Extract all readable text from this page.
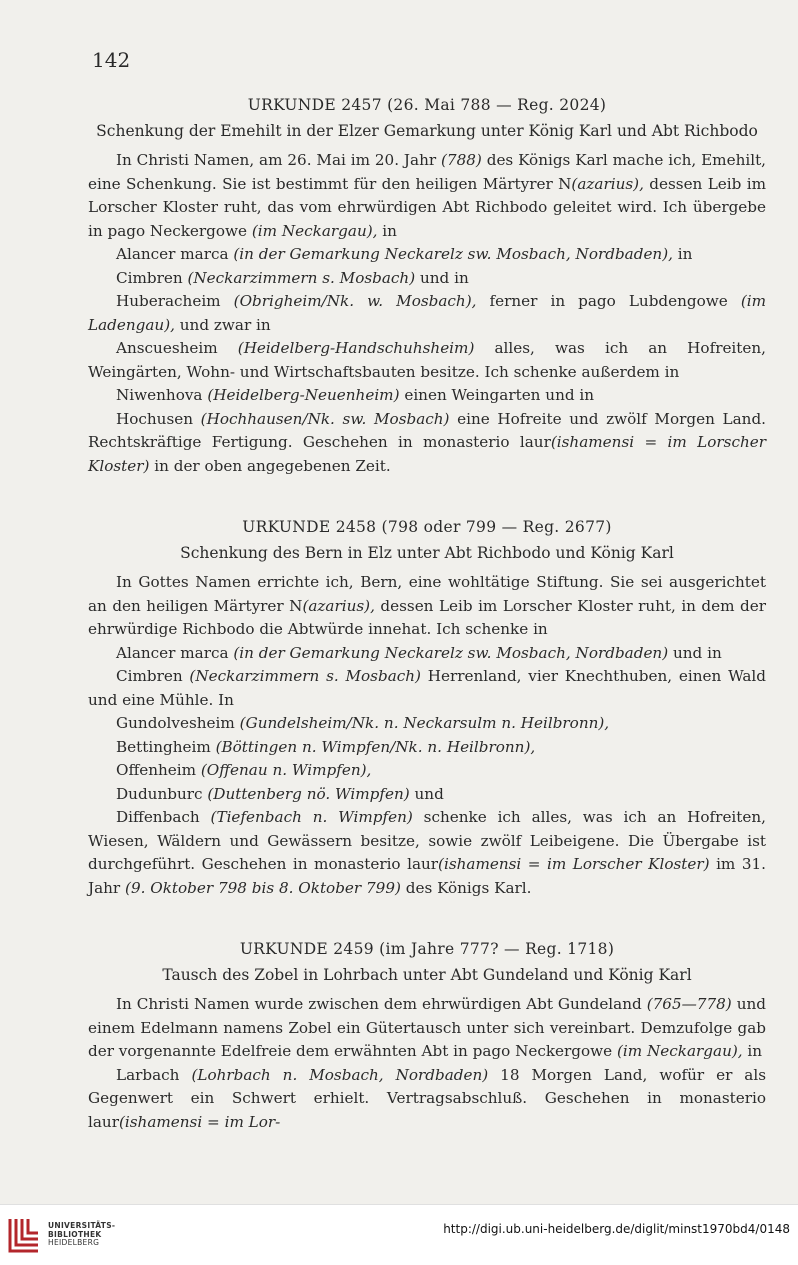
142
URKUNDE 2457 (26. Mai 788 — Reg. 2024)
Schenkung der Emehilt in der Elzer Gemarkung unter König Karl und Abt Richbodo

In Christi Namen, am 26. Mai im 20. Jahr (788) des Königs Karl mache ich, Emehilt, eine Schenkung. Sie ist bestimmt für den heiligen Märtyrer N(azarius), dessen Leib im Lorscher Kloster ruht, das vom ehrwürdigen Abt Richbodo geleitet wird. Ich übergebe in pago Neckergowe (im Neckargau), in

Alancer marca (in der Gemarkung Neckarelz sw. Mosbach, Nordbaden), in

Cimbren (Neckarzimmern s. Mosbach) und in

Huberacheim (Obrigheim/Nk. w. Mosbach), ferner in pago Lubdengowe (im Ladengau), und zwar in

Anscuesheim (Heidelberg-Handschuhsheim) alles, was ich an Hofreiten, Weingärten, Wohn- und Wirtschaftsbauten besitze. Ich schenke außerdem in

Niwenhova (Heidelberg-Neuenheim) einen Weingarten und in

Hochusen (Hochhausen/Nk. sw. Mosbach) eine Hofreite und zwölf Morgen Land. Rechtskräftige Fertigung. Geschehen in monasterio laur(ishamensi = im Lorscher Kloster) in der oben angegebenen Zeit.

URKUNDE 2458 (798 oder 799 — Reg. 2677)
Schenkung des Bern in Elz unter Abt Richbodo und König Karl

In Gottes Namen errichte ich, Bern, eine wohltätige Stiftung. Sie sei ausgerichtet an den heiligen Märtyrer N(azarius), dessen Leib im Lorscher Kloster ruht, in dem der ehrwürdige Richbodo die Abtwürde innehat. Ich schenke in

Alancer marca (in der Gemarkung Neckarelz sw. Mosbach, Nordbaden) und in

Cimbren (Neckarzimmern s. Mosbach) Herrenland, vier Knechthuben, einen Wald und eine Mühle. In

Gundolvesheim (Gundelsheim/Nk. n. Neckarsulm n. Heilbronn),

Bettingheim (Böttingen n. Wimpfen/Nk. n. Heilbronn),

Offenheim (Offenau n. Wimpfen),

Dudunburc (Duttenberg nö. Wimpfen) und

Diffenbach (Tiefenbach n. Wimpfen) schenke ich alles, was ich an Hofreiten, Wiesen, Wäldern und Gewässern besitze, sowie zwölf Leibeigene. Die Übergabe ist durchgeführt. Geschehen in monasterio laur(ishamensi = im Lorscher Kloster) im 31. Jahr (9. Oktober 798 bis 8. Oktober 799) des Königs Karl.

URKUNDE 2459 (im Jahre 777? — Reg. 1718)
Tausch des Zobel in Lohrbach unter Abt Gundeland und König Karl

In Christi Namen wurde zwischen dem ehrwürdigen Abt Gundeland (765—778) und einem Edelmann namens Zobel ein Gütertausch unter sich vereinbart. Demzufolge gab der vorgenannte Edelfreie dem erwähnten Abt in pago Neckergowe (im Neckargau), in

Larbach (Lohrbach n. Mosbach, Nordbaden) 18 Morgen Land, wofür er als Gegenwert ein Schwert erhielt. Vertragsabschluß. Geschehen in monasterio laur(ishamensi = im Lor-

UNIVERSITÄTS-
BIBLIOTHEK
HEIDELBERG
http://digi.ub.uni-heidelberg.de/diglit/minst1970bd4/0148
